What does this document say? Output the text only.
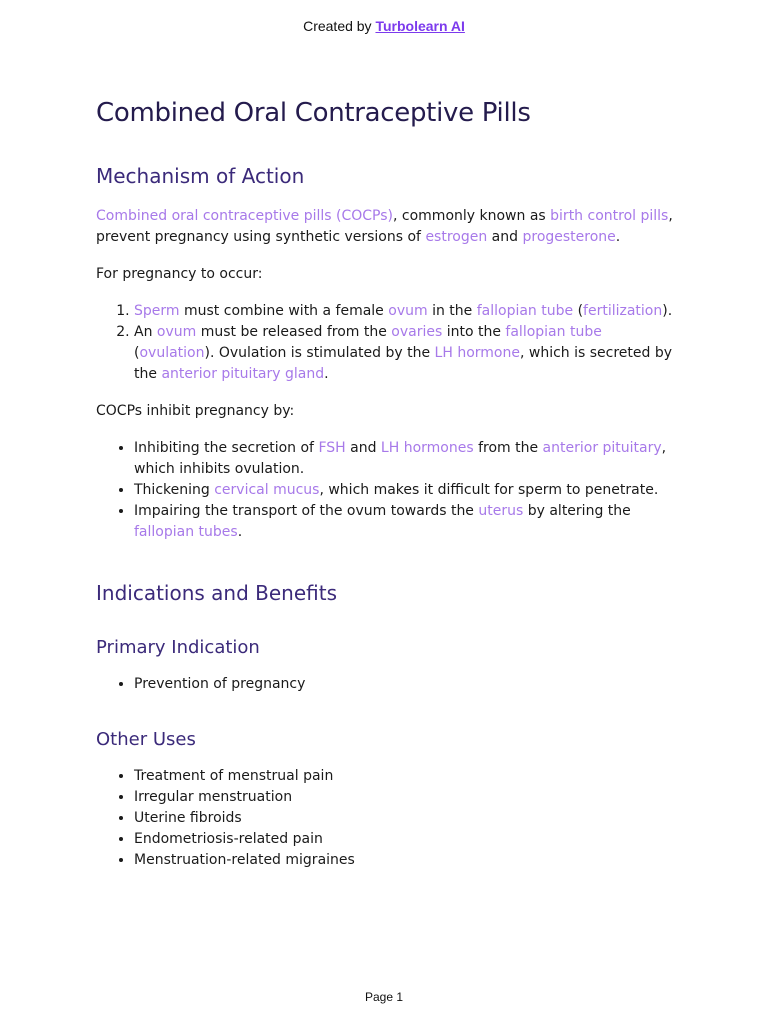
Created by Turbolearn AI
Combined Oral Contraceptive Pills
Mechanism of Action

Combined oral contraceptive pills (COCPs), commonly known as birth control pills, prevent pregnancy using synthetic versions of estrogen and progesterone.

For pregnancy to occur:

1. Sperm must combine with a female ovum in the fallopian tube (fertilization).
2. An ovum must be released from the ovaries into the fallopian tube (ovulation). Ovulation is stimulated by the LH hormone, which is secreted by the anterior pituitary gland.

COCPs inhibit pregnancy by:

• Inhibiting the secretion of FSH and LH hormones from the anterior pituitary, which inhibits ovulation.
• Thickening cervical mucus, which makes it difficult for sperm to penetrate.
• Impairing the transport of the ovum towards the uterus by altering the fallopian tubes.
Indications and Benefits
Primary Indication
• Prevention of pregnancy
Other Uses
• Treatment of menstrual pain
• Irregular menstruation
• Uterine fibroids
• Endometriosis-related pain
• Menstruation-related migraines
Page 1
